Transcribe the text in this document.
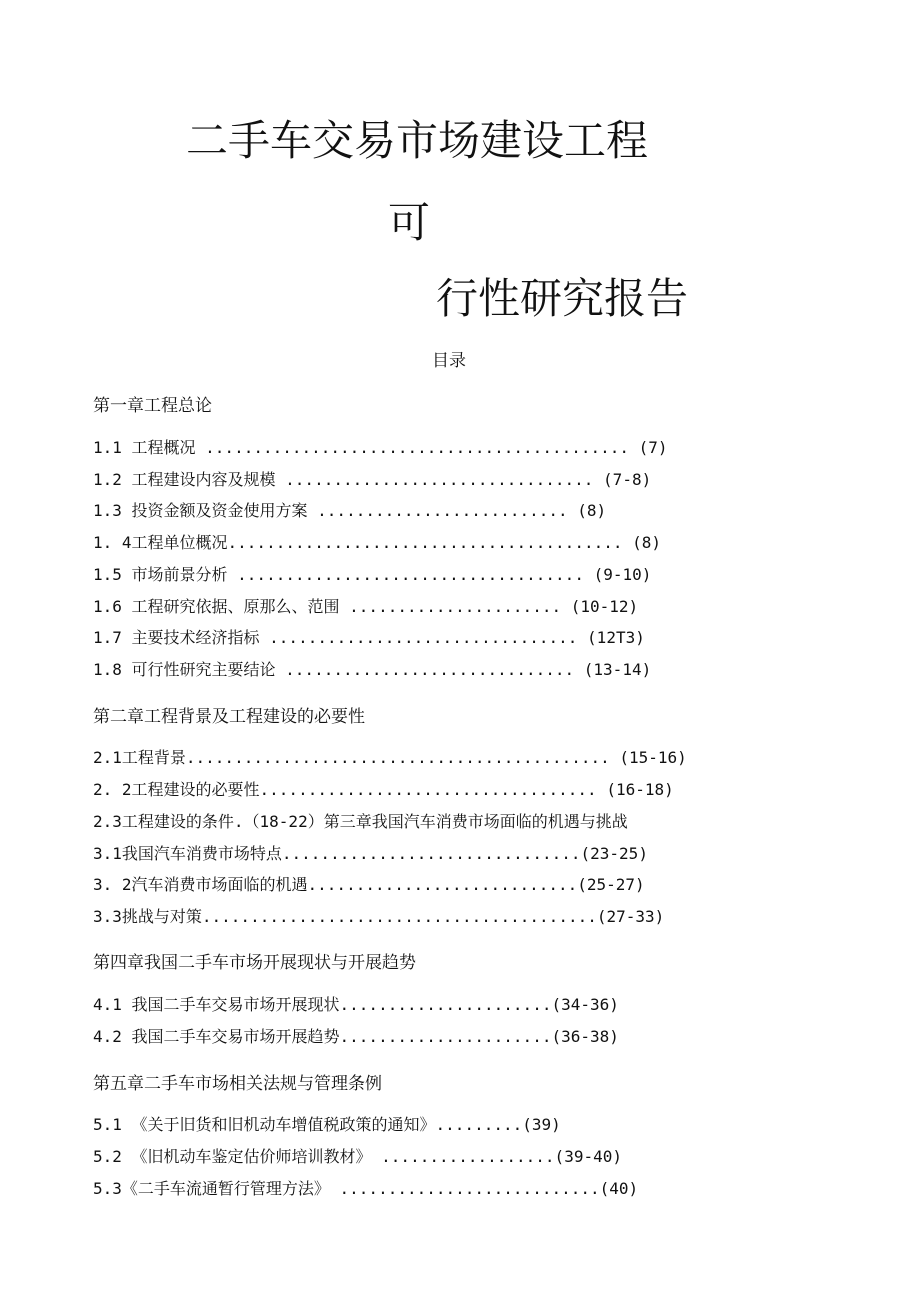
二手车交易市场建设工程
可
行性研究报告
目录
第一章工程总论
1.1 工程概况 ............................................ (7)
1.2 工程建设内容及规模 ................................ (7-8)
1.3 投资金额及资金使用方案 .......................... (8)
1. 4工程单位概况......................................... (8)
1.5 市场前景分析 .................................... (9-10)
1.6 工程研究依据、原那么、范围 ...................... (10-12)
1.7 主要技术经济指标 ................................ (12T3)
1.8 可行性研究主要结论 .............................. (13-14)
第二章工程背景及工程建设的必要性
2.1工程背景............................................ (15-16)
2. 2工程建设的必要性................................... (16-18)
2.3工程建设的条件.（18-22）第三章我国汽车消费市场面临的机遇与挑战
3.1我国汽车消费市场特点...............................(23-25)
3. 2汽车消费市场面临的机遇............................(25-27)
3.3挑战与对策.........................................(27-33)
第四章我国二手车市场开展现状与开展趋势
4.1 我国二手车交易市场开展现状......................(34-36)
4.2 我国二手车交易市场开展趋势......................(36-38)
第五章二手车市场相关法规与管理条例
5.1 《关于旧货和旧机动车增值税政策的通知》.........(39)
5.2 《旧机动车鉴定估价师培训教材》 ..................(39-40)
5.3《二手车流通暂行管理方法》 ...........................(40)
